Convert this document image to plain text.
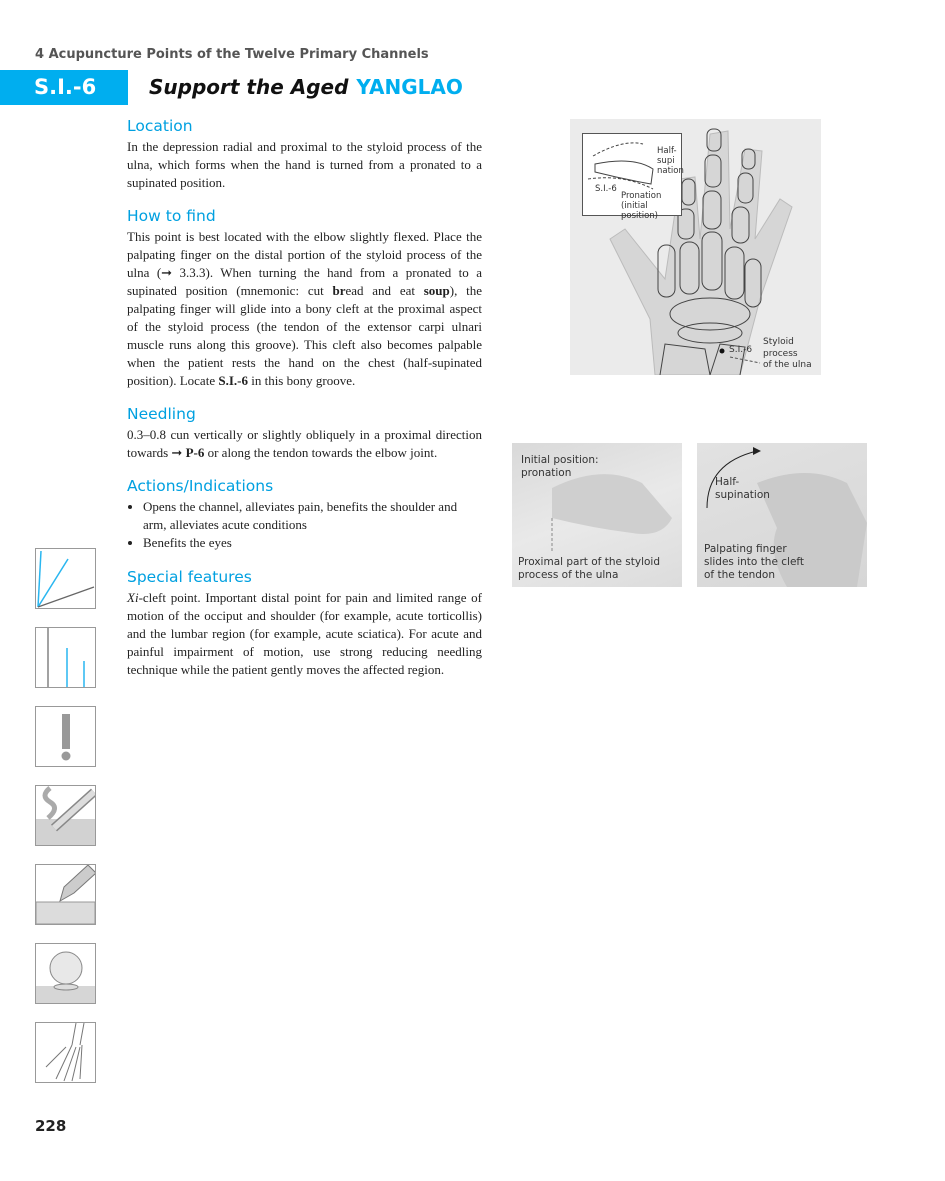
4 Acupuncture Points of the Twelve Primary Channels
S.I.-6	Support the Aged YANGLAO
Location

In the depression radial and proximal to the styloid process of the ulna, which forms when the hand is turned from a pronated to a supinated position.

How to find

This point is best located with the elbow slightly flexed. Place the palpating finger on the distal portion of the styloid process of the ulna (➞ 3.3.3). When turning the hand from a pronated to a supinated position (mnemonic: cut bread and eat soup), the palpating finger will glide into a bony cleft at the proximal aspect of the styloid process (the tendon of the extensor carpi ulnari muscle runs along this groove). This cleft also becomes palpable when the patient rests the hand on the chest (half-supinated position). Locate S.I.-6 in this bony groove.

Needling

0.3–0.8 cun vertically or slightly obliquely in a proximal direction towards ➞ P-6 or along the tendon towards the elbow joint.

Actions/Indications
• Opens the channel, alleviates pain, benefits the shoulder and arm, alleviates acute conditions
• Benefits the eyes
Special features

Xi-cleft point. Important distal point for pain and limited range of motion of the occiput and shoulder (for example, acute torticollis) and the lumbar region (for example, acute sciatica). For acute and painful impairment of motion, use strong reducing needling technique while the patient gently moves the affected region.

Half-
supi
nation
S.I.-6
Pronation
(initial position)
S.I.-6
Styloid
process
of the ulna
Initial position:
pronation
Proximal part of the styloid
process of the ulna
Half-
supination
Palpating finger
slides into the cleft
of the tendon
228
